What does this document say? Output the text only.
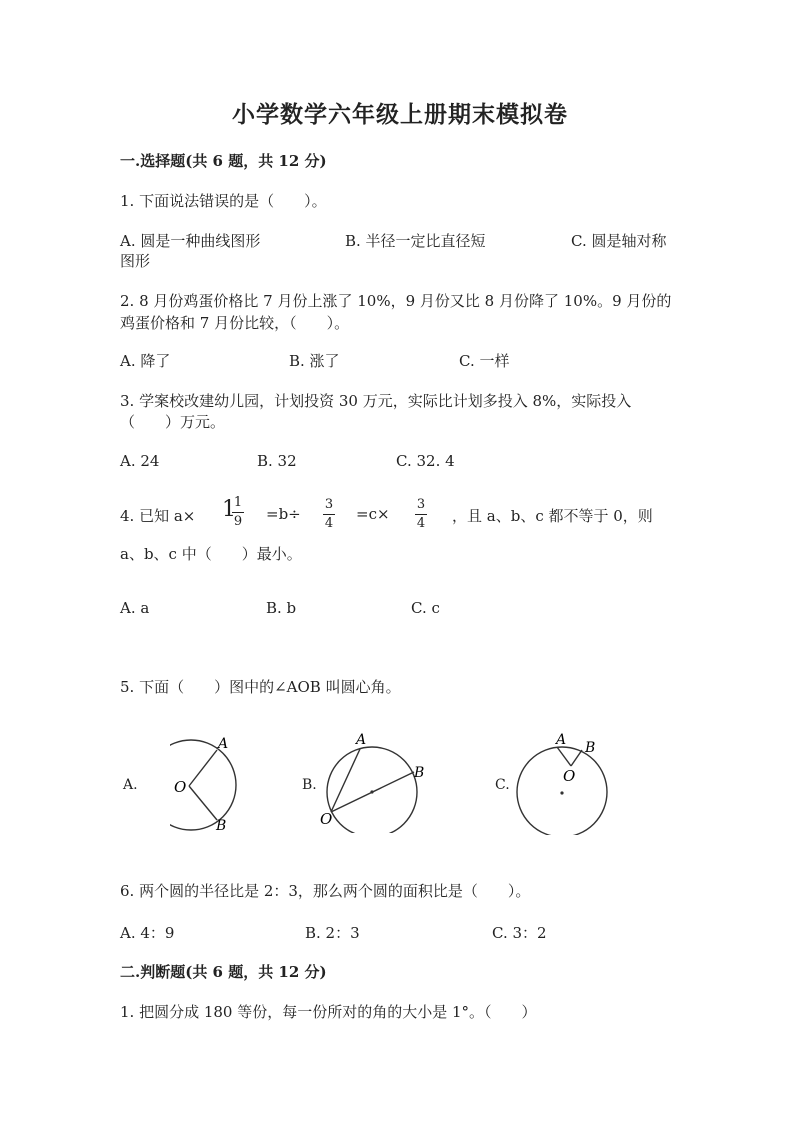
小学数学六年级上册期末模拟卷
一.选择题(共 6 题，共 12 分)
1. 下面说法错误的是（　　）。
A. 圆是一种曲线图形	B. 半径一定比直径短	C. 圆是轴对称
图形
2. 8 月份鸡蛋价格比 7 月份上涨了 10%，9 月份又比 8 月份降了 10%。9 月份的
鸡蛋价格和 7 月份比较，（　　）。
A. 降了	B. 涨了	C. 一样
3. 学案校改建幼儿园，计划投资 30 万元，实际比计划多投入 8%，实际投入
（　　）万元。
A. 24	B. 32	C. 32. 4
4. 已知 a× 1
1
9 =b÷
3
4
=c×
3
4 ，且 a、b、c 都不等于 0，则
a、b、c 中（　　）最小。
A. a	B. b	C. c
5. 下面（　　）图中的∠AOB 叫圆心角。
A. O
A
B
B.
A
B
O
C.
A B
O
6. 两个圆的半径比是 2：3，那么两个圆的面积比是（　　）。
A. 4：9	B. 2：3	C. 3：2
二.判断题(共 6 题，共 12 分)
1. 把圆分成 180 等份，每一份所对的角的大小是 1°。（　　）
